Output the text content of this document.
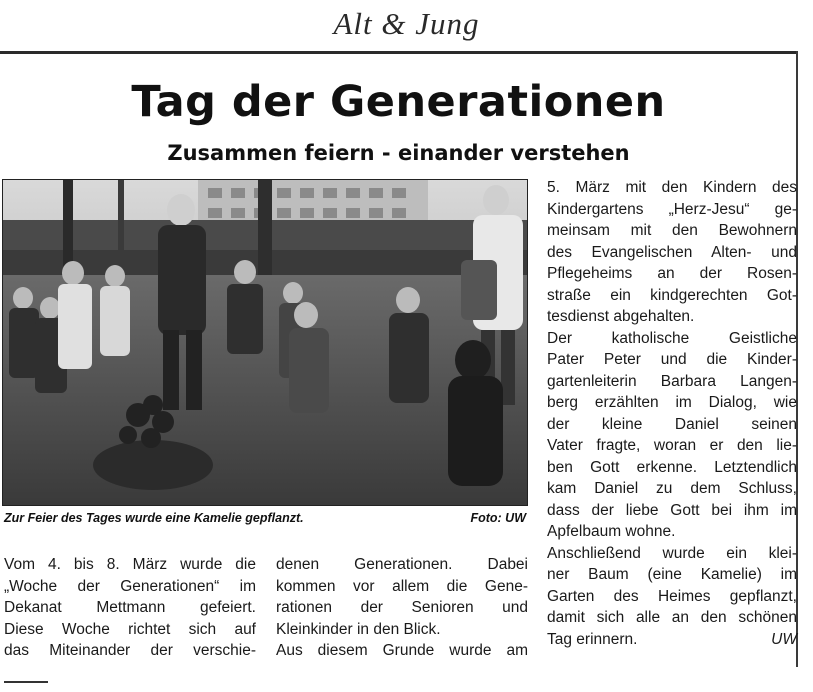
Alt & Jung
Tag der Generationen
Zusammen feiern - einander verstehen
Zur Feier des Tages wurde eine Kamelie gepflanzt.	Foto: UW
5. März mit den Kindern des
Kindergartens „Herz-Jesu“ ge-
meinsam mit den Bewohnern
des Evangelischen Alten- und
Pflegeheims an der Rosen-
straße ein kindgerechten Got-
tesdienst abgehalten.
Der katholische Geistliche
Pater Peter und die Kinder-
gartenleiterin Barbara Langen-
berg erzählten im Dialog, wie
der kleine Daniel seinen
Vater fragte, woran er den lie-
ben Gott erkenne. Letztendlich
kam Daniel zu dem Schluss,
dass der liebe Gott bei ihm im
Apfelbaum wohne.
Anschließend wurde ein klei-
ner Baum (eine Kamelie) im
Garten des Heimes gepflanzt,
damit sich alle an den schönen
Tag erinnern.	UW
Vom 4. bis 8. März wurde die
„Woche der Generationen“ im
Dekanat Mettmann gefeiert.
Diese Woche richtet sich auf
das Miteinander der verschie-
denen Generationen. Dabei
kommen vor allem die Gene-
rationen der Senioren und
Kleinkinder in den Blick.
Aus diesem Grunde wurde am
